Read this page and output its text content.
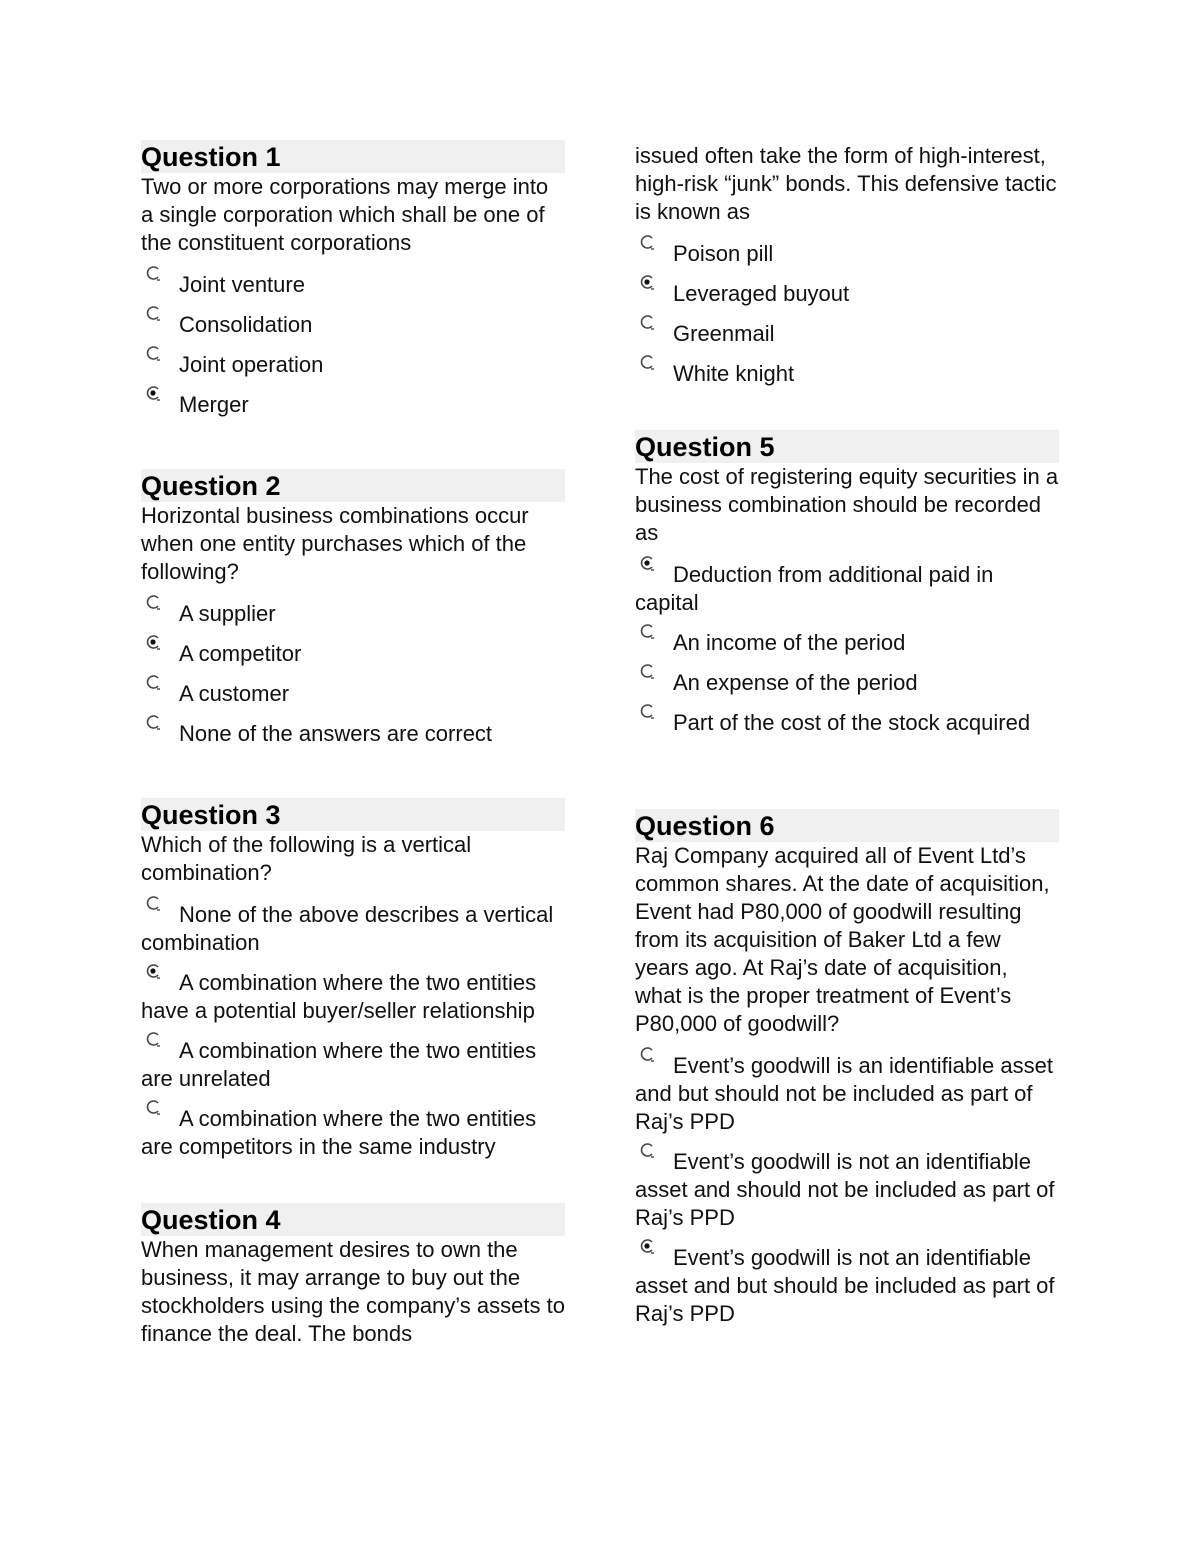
Question 1
Two or more corporations may merge into a single corporation which shall be one of the constituent corporations
Joint venture
Consolidation
Joint operation
Merger
Question 2
Horizontal business combinations occur when one entity purchases which of the following?
A supplier
A competitor
A customer
None of the answers are correct
Question 3
Which of the following is a vertical combination?
None of the above describes a vertical combination
A combination where the two entities have a potential buyer/seller relationship
A combination where the two entities are unrelated
A combination where the two entities are competitors in the same industry
Question 4
When management desires to own the business, it may arrange to buy out the stockholders using the company’s assets to finance the deal. The bonds
issued often take the form of high-interest, high-risk “junk” bonds. This defensive tactic is known as
Poison pill
Leveraged buyout
Greenmail
White knight
Question 5
The cost of registering equity securities in a business combination should be recorded as
Deduction from additional paid in capital
An income of the period
An expense of the period
Part of the cost of the stock acquired
Question 6
Raj Company acquired all of Event Ltd’s common shares. At the date of acquisition, Event had P80,000 of goodwill resulting from its acquisition of Baker Ltd a few years ago. At Raj’s date of acquisition, what is the proper treatment of Event’s P80,000 of goodwill?
Event’s goodwill is an identifiable asset and but should not be included as part of Raj’s PPD
Event’s goodwill is not an identifiable asset and should not be included as part of Raj’s PPD
Event’s goodwill is not an identifiable asset and but should be included as part of Raj’s PPD
